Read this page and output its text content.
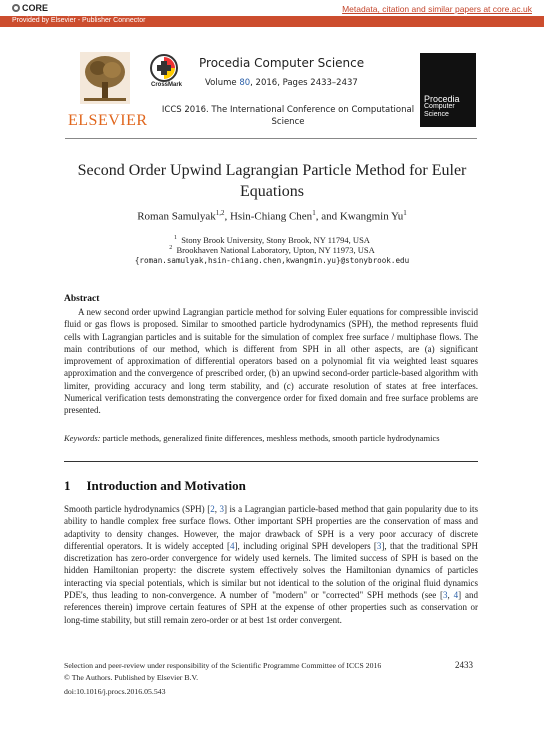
CORE	Metadata, citation and similar papers at core.ac.uk
Provided by Elsevier - Publisher Connector
ELSEVIER
CrossMark
Procedia Computer Science
Volume 80, 2016, Pages 2433–2437
ICCS 2016. The International Conference on Computational Science
Procedia
Computer
Science
Second Order Upwind Lagrangian Particle Method for Euler Equations
Roman Samulyak$^{1,2}$, Hsin-Chiang Chen$^1$, and Kwangmin Yu$^1$
$^1$ Stony Brook University, Stony Brook, NY 11794, USA
$^2$ Brookhaven National Laboratory, Upton, NY 11973, USA
{roman.samulyak,hsin-chiang.chen,kwangmin.yu}@stonybrook.edu
Abstract
A new second order upwind Lagrangian particle method for solving Euler equations for compressible inviscid fluid or gas flows is proposed. Similar to smoothed particle hydrodynamics (SPH), the method represents fluid cells with Lagrangian particles and is suitable for the simulation of complex free surface / multiphase flows. The main contributions of our method, which is different from SPH in all other aspects, are (a) significant improvement of approximation of differential operators based on a polynomial fit via weighted least squares approximation and the convergence of prescribed order, (b) an upwind second-order particle-based algorithm with limiter, providing accuracy and long term stability, and (c) accurate resolution of states at free interfaces. Numerical verification tests demonstrating the convergence order for fixed domain and free surface problems are presented.
Keywords: particle methods, generalized finite differences, meshless methods, smooth particle hydrodynamics
1 Introduction and Motivation
Smooth particle hydrodynamics (SPH) [2, 3] is a Lagrangian particle-based method that gain popularity due to its ability to handle complex free surface flows. Other important SPH properties are the conservation of mass and adaptivity to density changes. However, the major drawback of SPH is a very poor accuracy of discrete differential operators. It is widely accepted [4], including original SPH developers [3], that the traditional SPH discretization has zero-order convergence for widely used kernels. The limited success of SPH is based on the hidden Hamiltonian property: the discrete system effectively solves the Hamiltonian dynamics of particles interacting via special potentials, which is similar but not identical to the solution of the original fluid dynamics PDE's, thus leading to non-convergence. A number of "modern" or "corrected" SPH methods (see [3, 4] and references therein) improve certain features of SPH at the expense of other properties such as conservation or long-time stability, but still remain zero-order or at best 1st order convergent.
Selection and peer-review under responsibility of the Scientific Programme Committee of ICCS 2016
© The Authors. Published by Elsevier B.V.
2433
doi:10.1016/j.procs.2016.05.543
